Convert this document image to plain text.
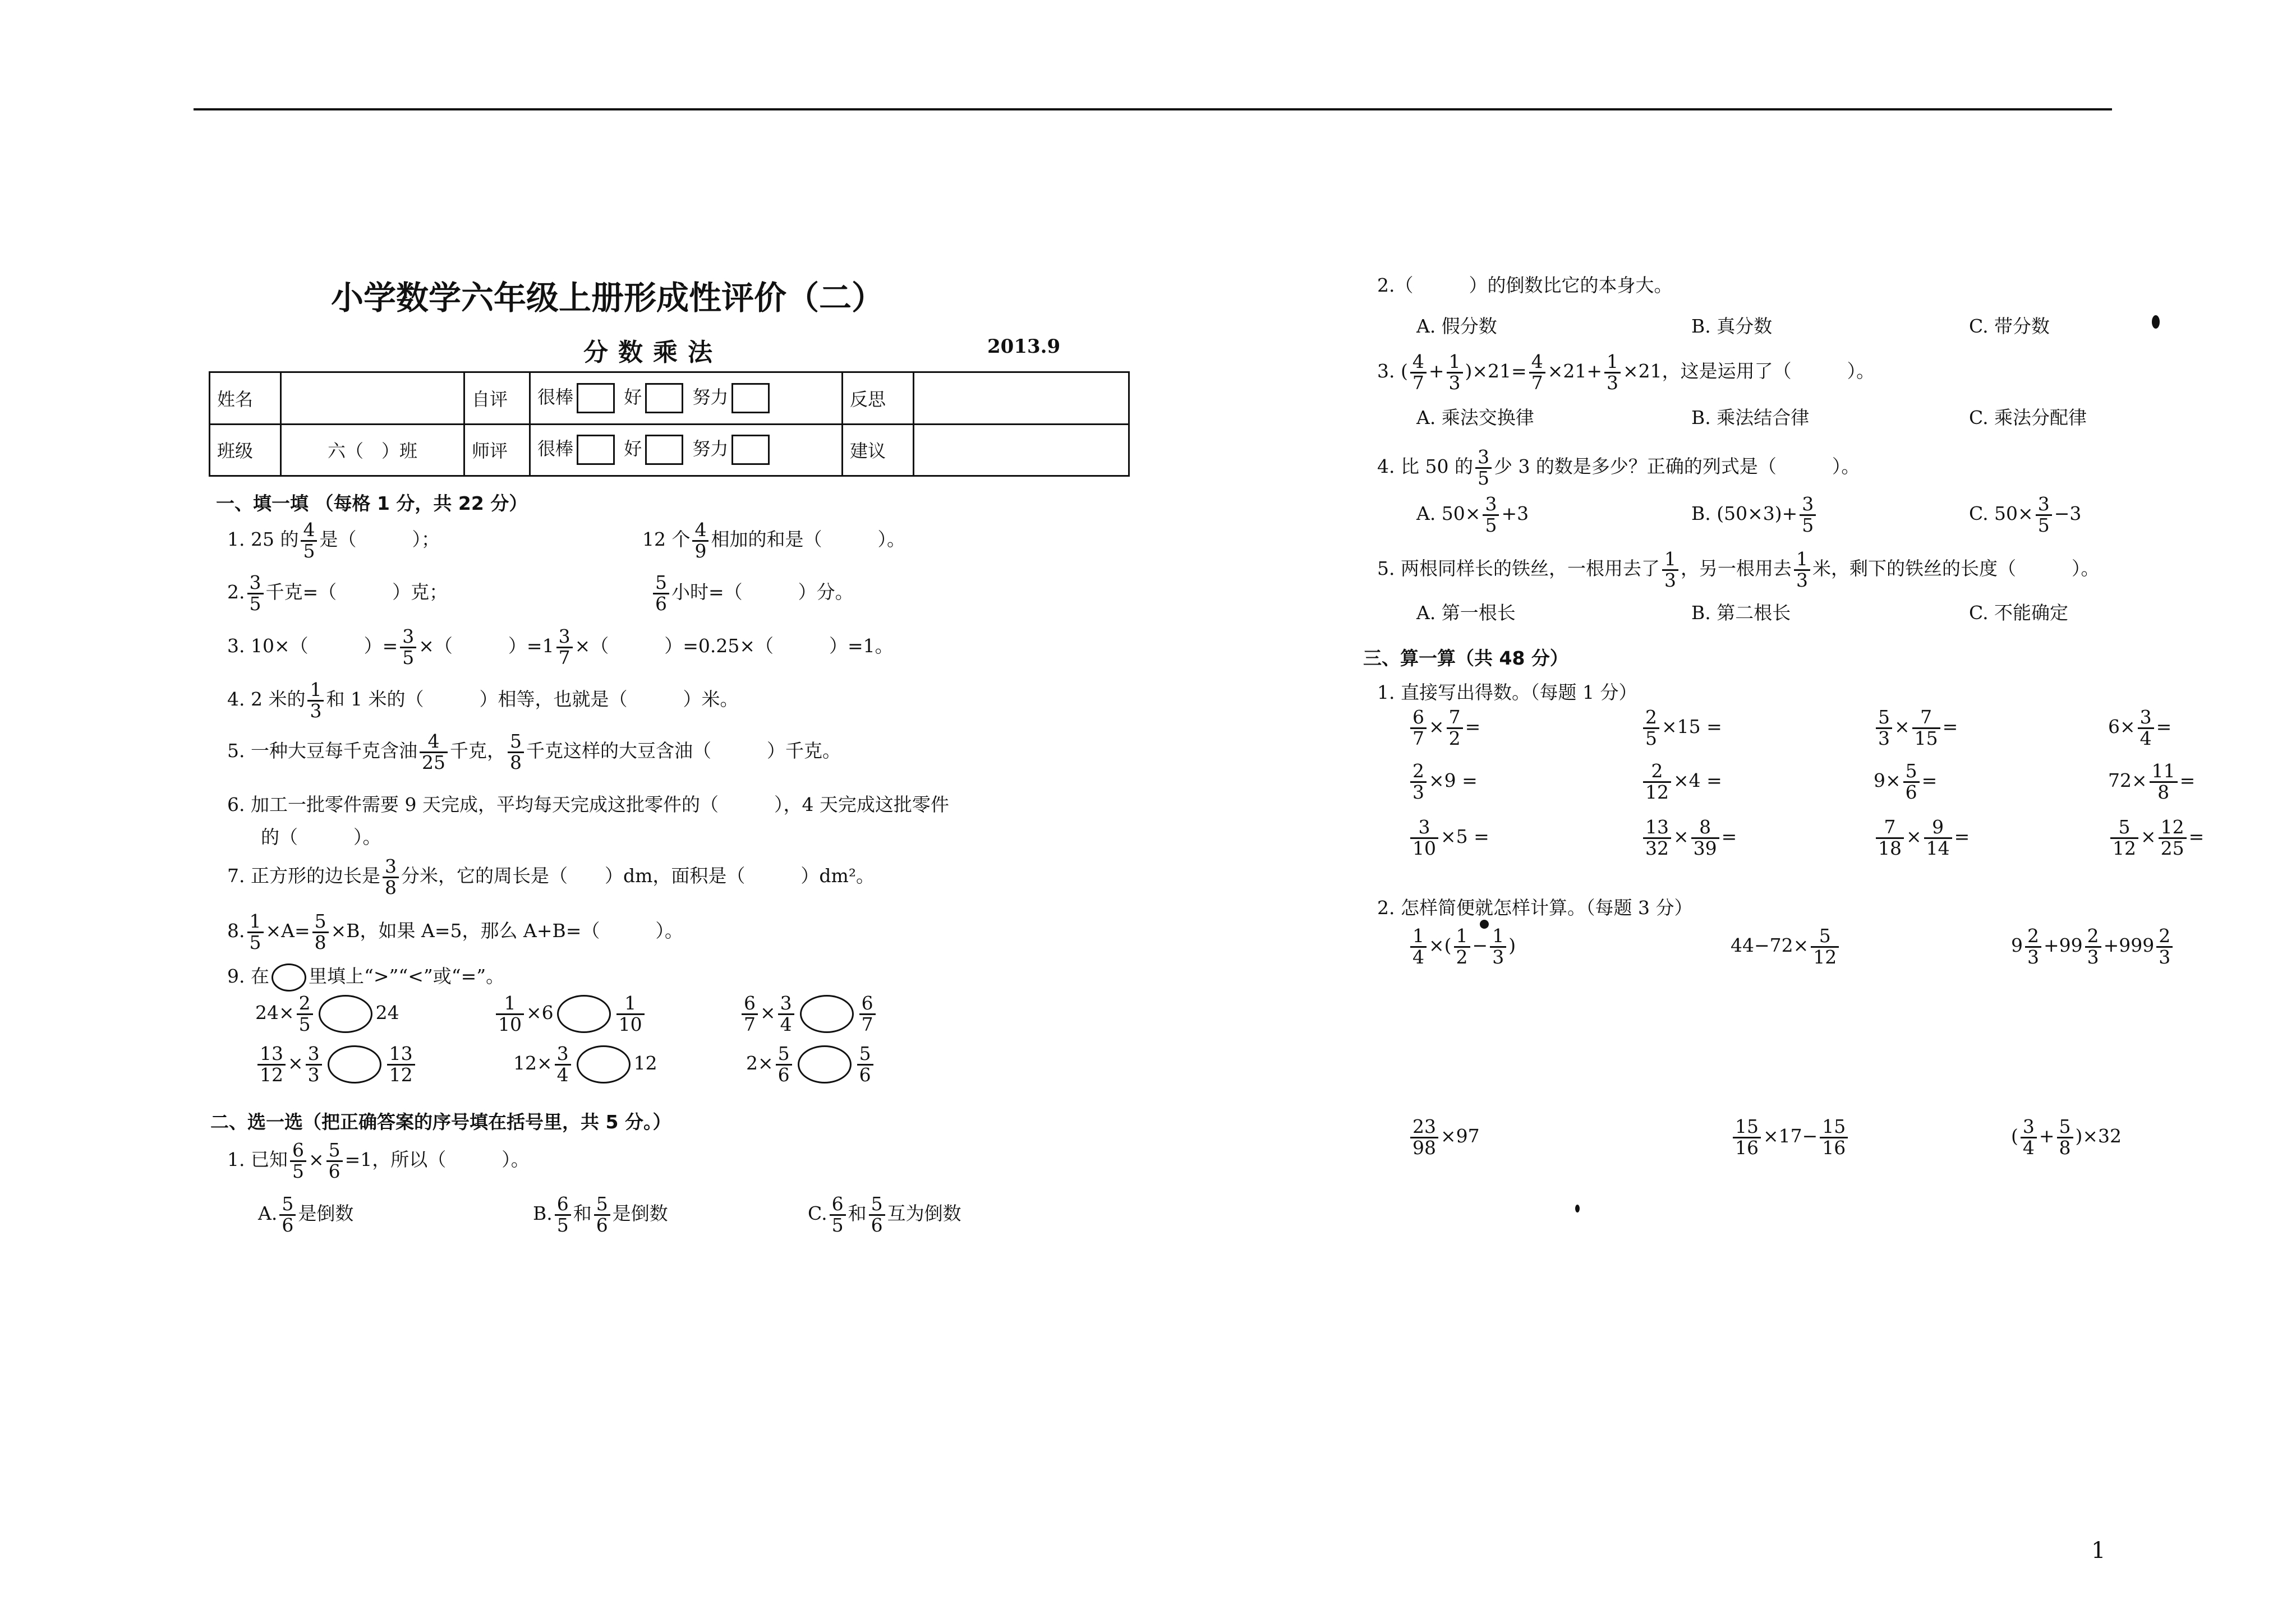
小学数学六年级上册形成性评价（二）
分数乘法	2013.9
姓名		自评	很棒 好 努力	反思	
班级	六（　）班	师评	很棒 好 努力	建议	
一、填一填 （每格 1 分，共 22 分）
1. 25 的 $\frac{4}{5}$ 是（　　　）；	12 个 $\frac{4}{9}$ 相加的和是（　　　）。
2. $\frac{3}{5}$ 千克=（　　　）克；	$\frac{5}{6}$ 小时=（　　　）分。
3. 10×（　　　）= $\frac{3}{5}$ ×（　　　）$=1 \frac{3}{7}$ ×（　　　）=0.25×（　　　）=1。
4. 2 米的 $\frac{1}{3}$ 和 1 米的（　　　）相等，也就是（　　　）米。
5. 一种大豆每千克含油 $\frac{4}{25}$ 千克， $\frac{5}{8}$ 千克这样的大豆含油（　　　）千克。
6. 加工一批零件需要 9 天完成，平均每天完成这批零件的（　　　），4 天完成这批零件
的（　　　）。
7. 正方形的边长是 $\frac{3}{8}$ 分米，它的周长是（　　）dm，面积是（　　　）dm²。
8. $\frac{1}{5} \times A= \frac{5}{8} \times B$，如果 A=5，那么 A+B=（　　　）。
9. 在 里填上“>”“<”或“=”。
$24\times \frac{2}{5}$	24	$\frac{1}{10} \times 6$	$\frac{1}{10}$	$\frac{6}{7} \times \frac{3}{4}$	$\frac{6}{7}$
$\frac{13}{12} \times \frac{3}{3}$	$\frac{13}{12}$	$12\times \frac{3}{4}$	12	$2\times \frac{5}{6}$	$\frac{5}{6}$
二、选一选（把正确答案的序号填在括号里，共 5 分。）
1. 已知 $\frac{6}{5} \times \frac{5}{6} =1$，所以（　　　）。
A. $\frac{5}{6}$ 是倒数	B. $\frac{6}{5}$ 和 $\frac{5}{6}$ 是倒数	C. $\frac{6}{5}$ 和 $\frac{5}{6}$ 互为倒数
2.（　　　）的倒数比它的本身大。
A. 假分数	B. 真分数	C. 带分数
3. ( $\frac{4}{7} + \frac{1}{3} )\times 21= \frac{4}{7} \times 21+ \frac{1}{3} \times 21$，这是运用了（　　　）。
A. 乘法交换律	B. 乘法结合律	C. 乘法分配律
4. 比 50 的 $\frac{3}{5}$ 少 3 的数是多少？正确的列式是（　　　）。
A. $50\times \frac{3}{5} +3$	B. $(50\times 3)+ \frac{3}{5}$	C. $50\times \frac{3}{5} -3$
5. 两根同样长的铁丝，一根用去了 $\frac{1}{3}$ ，另一根用去 $\frac{1}{3}$ 米，剩下的铁丝的长度（　　　）。
A. 第一根长	B. 第二根长	C. 不能确定
三、算一算（共 48 分）
1. 直接写出得数。（每题 1 分）
$\frac{6}{7} \times \frac{7}{2}$ =	$\frac{2}{5} \times 15$ =	$\frac{5}{3} \times \frac{7}{15}$ =	$6\times \frac{3}{4}$ =
$\frac{2}{3} \times 9$ =	$\frac{2}{12} \times 4$ =	$9\times \frac{5}{6}$ =	$72\times \frac{11}{8}$ =
$\frac{3}{10} \times 5$ =	$\frac{13}{32} \times \frac{8}{39}$ =	$\frac{7}{18} \times \frac{9}{14}$ =	$\frac{5}{12} \times \frac{12}{25}$ =
2. 怎样简便就怎样计算。（每题 3 分）
$\frac{1}{4}$ ×( $\frac{1}{2} - \frac{1}{3}$ )	$44-72\times \frac{5}{12}$	$9 \frac{2}{3} +99 \frac{2}{3} +999 \frac{2}{3}$
$\frac{23}{98} \times 97$	$\frac{15}{16} \times 17- \frac{15}{16}$	( $\frac{3}{4} + \frac{5}{8} )\times 32$
1
